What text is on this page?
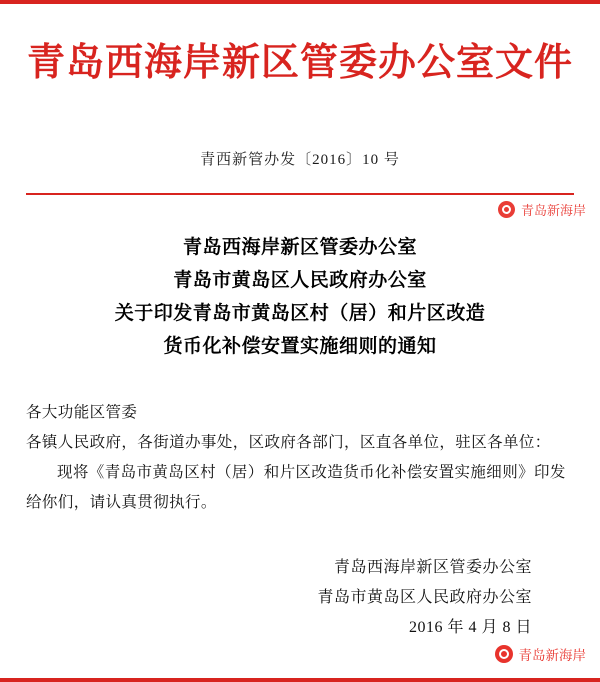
青岛西海岸新区管委办公室文件
青西新管办发〔2016〕10 号
青岛西海岸新区管委办公室
青岛市黄岛区人民政府办公室
关于印发青岛市黄岛区村（居）和片区改造
货币化补偿安置实施细则的通知

各大功能区管委

各镇人民政府，各街道办事处，区政府各部门，区直各单位，驻区各单位：

现将《青岛市黄岛区村（居）和片区改造货币化补偿安置实施细则》印发给你们，请认真贯彻执行。

青岛西海岸新区管委办公室
青岛市黄岛区人民政府办公室
2016 年 4 月 8 日
青岛新海岸
青岛新海岸
